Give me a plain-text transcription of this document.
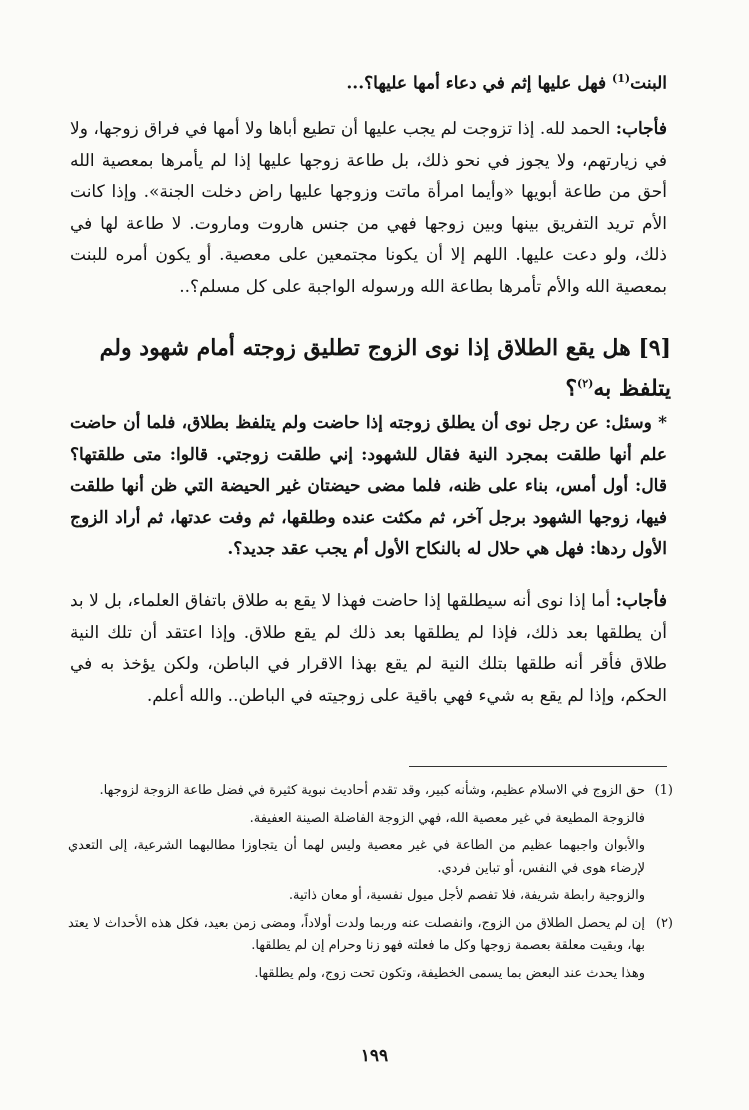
البنت$^{(1)}$ فهل عليها إثم في دعاء أمها عليها؟...

فأجاب: الحمد لله. إذا تزوجت لم يجب عليها أن تطيع أباها ولا أمها في فراق زوجها، ولا في زيارتهم، ولا يجوز في نحو ذلك، بل طاعة زوجها عليها إذا لم يأمرها بمعصية الله أحق من طاعة أبويها «وأيما امرأة ماتت وزوجها عليها راض دخلت الجنة». وإذا كانت الأم تريد التفريق بينها وبين زوجها فهي من جنس هاروت وماروت. لا طاعة لها في ذلك، ولو دعت عليها. اللهم إلا أن يكونا مجتمعين على معصية. أو يكون أمره للبنت بمعصية الله والأم تأمرها بطاعة الله ورسوله الواجبة على كل مسلم؟..

[٩] هل يقع الطلاق إذا نوى الزوج تطليق زوجته أمام شهود ولم يتلفظ به$^{(٢)}$؟

* وسئل: عن رجل نوى أن يطلق زوجته إذا حاضت ولم يتلفظ بطلاق، فلما أن حاضت علم أنها طلقت بمجرد النية فقال للشهود: إني طلقت زوجتي. قالوا: متى طلقتها؟ قال: أول أمس، بناء على ظنه، فلما مضى حيضتان غير الحيضة التي ظن أنها طلقت فيها، زوجها الشهود برجل آخر، ثم مكثت عنده وطلقها، ثم وفت عدتها، ثم أراد الزوج الأول ردها: فهل هي حلال له بالنكاح الأول أم يجب عقد جديد؟.

فأجاب: أما إذا نوى أنه سيطلقها إذا حاضت فهذا لا يقع به طلاق باتفاق العلماء، بل لا بد أن يطلقها بعد ذلك، فإذا لم يطلقها بعد ذلك لم يقع طلاق. وإذا اعتقد أن تلك النية طلاق فأقر أنه طلقها بتلك النية لم يقع بهذا الاقرار في الباطن، ولكن يؤخذ به في الحكم، وإذا لم يقع به شيء فهي باقية على زوجيته في الباطن.. والله أعلم.

(1)
حق الزوج في الاسلام عظيم، وشأنه كبير، وقد تقدم أحاديث نبوية كثيرة في فضل طاعة الزوجة لزوجها.

فالزوجة المطيعة في غير معصية الله، فهي الزوجة الفاضلة الصينة العفيفة.

والأبوان واجبهما عظيم من الطاعة في غير معصية وليس لهما أن يتجاوزا مطالبهما الشرعية، إلى التعدي لإرضاء هوى في النفس، أو تباين فردي.

والزوجية رابطة شريفة، فلا تفصم لأجل ميول نفسية، أو معان ذاتية.

(٢)
إن لم يحصل الطلاق من الزوج، وانفصلت عنه وربما ولدت أولاداً، ومضى زمن بعيد، فكل هذه الأحداث لا يعتد بها، وبقيت معلقة بعصمة زوجها وكل ما فعلته فهو زنا وحرام إن لم يطلقها.

وهذا يحدث عند البعض بما يسمى الخطيفة، وتكون تحت زوج، ولم يطلقها.

١٩٩
